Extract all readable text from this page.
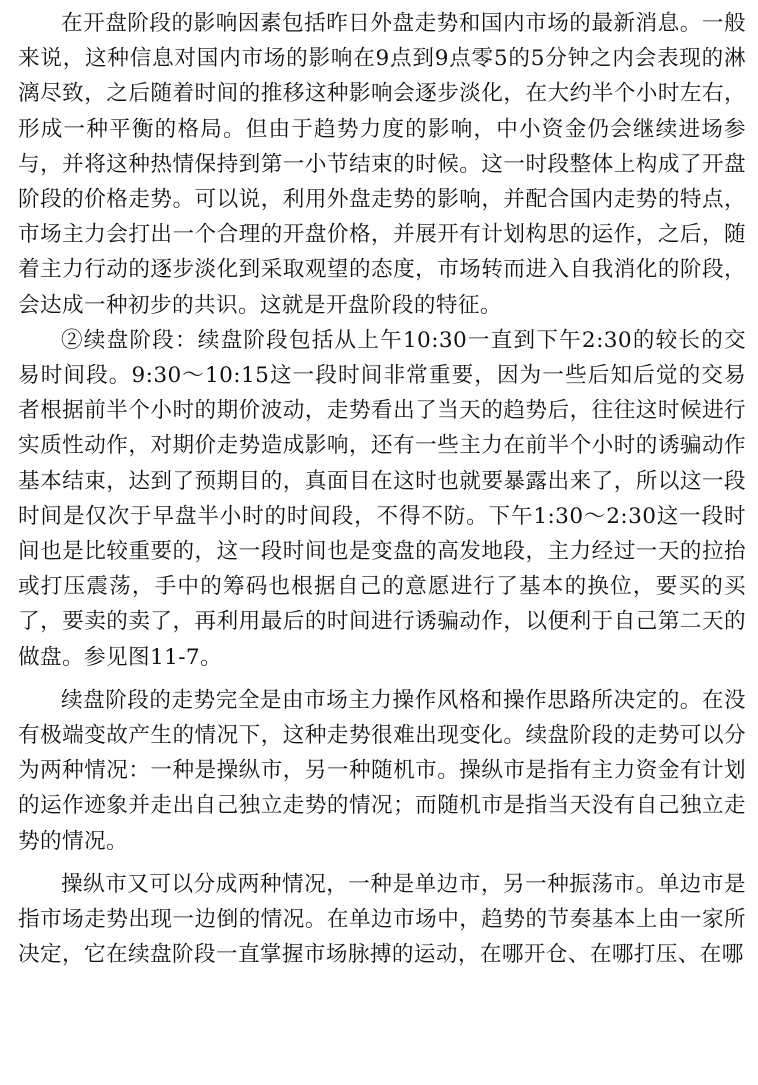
在开盘阶段的影响因素包括昨日外盘走势和国内市场的最新消息。一般来说，这种信息对国内市场的影响在9点到9点零5的5分钟之内会表现的淋漓尽致，之后随着时间的推移这种影响会逐步淡化，在大约半个小时左右，形成一种平衡的格局。但由于趋势力度的影响，中小资金仍会继续进场参与，并将这种热情保持到第一小节结束的时候。这一时段整体上构成了开盘阶段的价格走势。可以说，利用外盘走势的影响，并配合国内走势的特点，市场主力会打出一个合理的开盘价格，并展开有计划构思的运作，之后，随着主力行动的逐步淡化到采取观望的态度，市场转而进入自我消化的阶段，会达成一种初步的共识。这就是开盘阶段的特征。

②续盘阶段：续盘阶段包括从上午10:30一直到下午2:30的较长的交易时间段。9:30～10:15这一段时间非常重要，因为一些后知后觉的交易者根据前半个小时的期价波动，走势看出了当天的趋势后，往往这时候进行实质性动作，对期价走势造成影响，还有一些主力在前半个小时的诱骗动作基本结束，达到了预期目的，真面目在这时也就要暴露出来了，所以这一段时间是仅次于早盘半小时的时间段，不得不防。下午1:30～2:30这一段时间也是比较重要的，这一段时间也是变盘的高发地段，主力经过一天的拉抬或打压震荡，手中的筹码也根据自己的意愿进行了基本的换位，要买的买了，要卖的卖了，再利用最后的时间进行诱骗动作，以便利于自己第二天的做盘。参见图11-7。

续盘阶段的走势完全是由市场主力操作风格和操作思路所决定的。在没有极端变故产生的情况下，这种走势很难出现变化。续盘阶段的走势可以分为两种情况：一种是操纵市，另一种随机市。操纵市是指有主力资金有计划的运作迹象并走出自己独立走势的情况；而随机市是指当天没有自己独立走势的情况。

操纵市又可以分成两种情况，一种是单边市，另一种振荡市。单边市是指市场走势出现一边倒的情况。在单边市场中，趋势的节奏基本上由一家所决定，它在续盘阶段一直掌握市场脉搏的运动，在哪开仓、在哪打压、在哪
